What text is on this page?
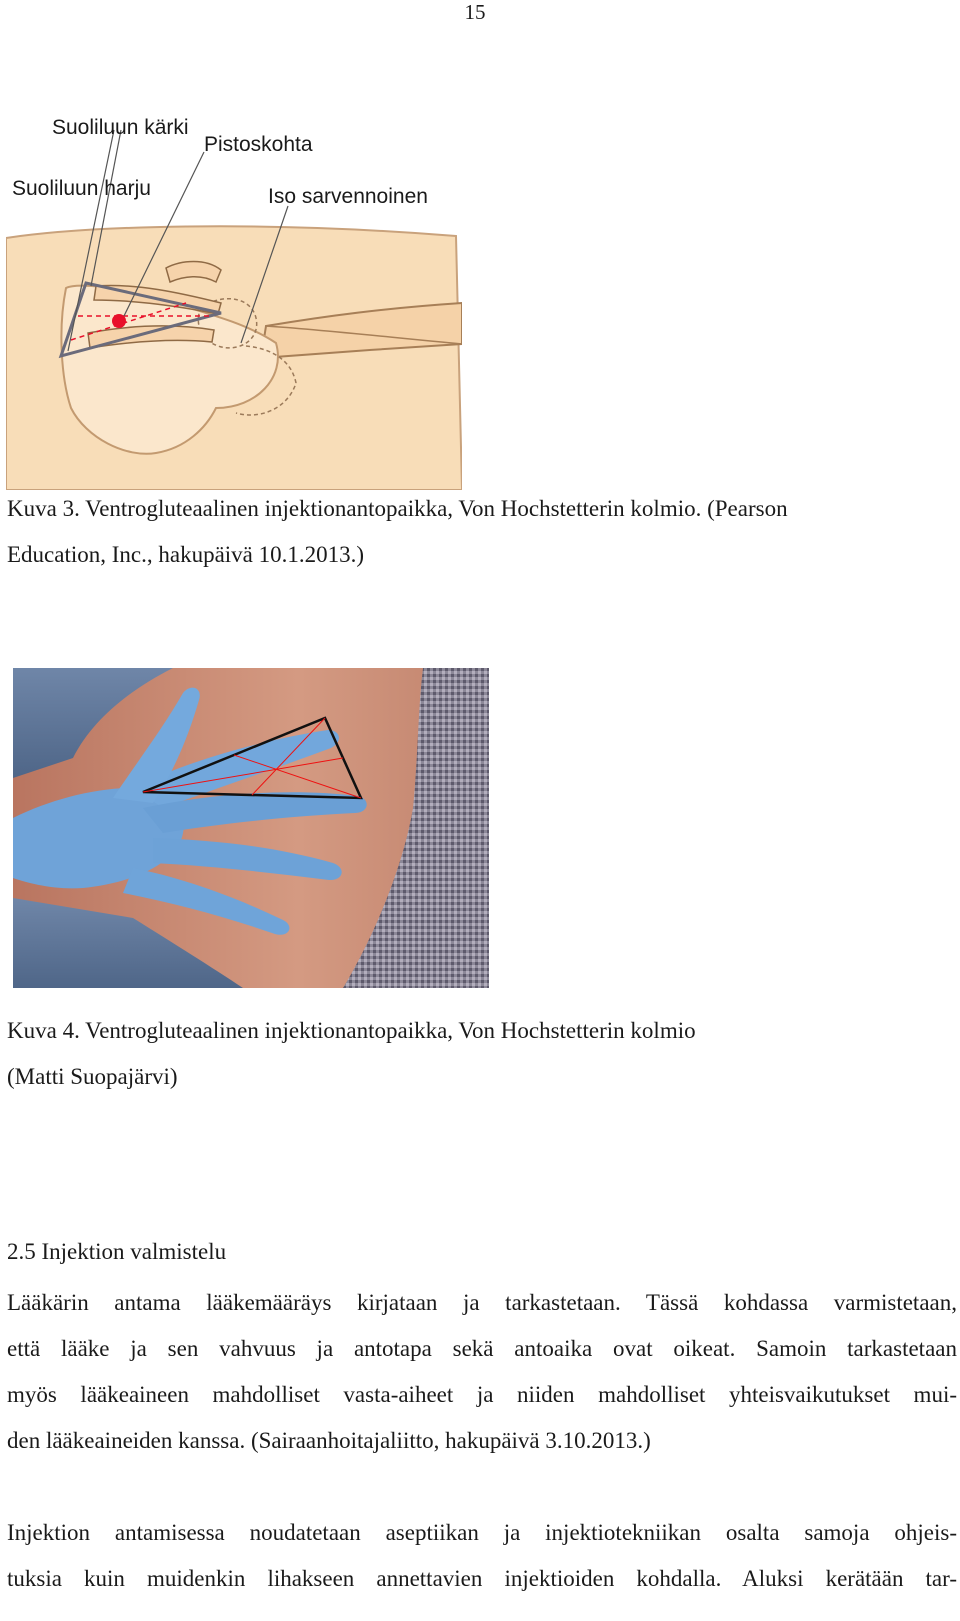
15
Suoliluun kärki
Pistoskohta
Suoliluun harju	Iso sarvennoinen
Kuva 3. Ventrogluteaalinen injektionantopaikka, Von Hochstetterin kolmio. (Pearson
Education, Inc., hakupäivä 10.1.2013.)
Kuva 4. Ventrogluteaalinen injektionantopaikka, Von Hochstetterin kolmio
(Matti Suopajärvi)
2.5 Injektion valmistelu
Lääkärin antama lääkemääräys kirjataan ja tarkastetaan. Tässä kohdassa varmistetaan,
että lääke ja sen vahvuus ja antotapa sekä antoaika ovat oikeat. Samoin tarkastetaan
myös lääkeaineen mahdolliset vasta-aiheet ja niiden mahdolliset yhteisvaikutukset mui-
den lääkeaineiden kanssa. (Sairaanhoitajaliitto, hakupäivä 3.10.2013.)
Injektion antamisessa noudatetaan aseptiikan ja injektiotekniikan osalta samoja ohjeis-
tuksia kuin muidenkin lihakseen annettavien injektioiden kohdalla. Aluksi kerätään tar-
